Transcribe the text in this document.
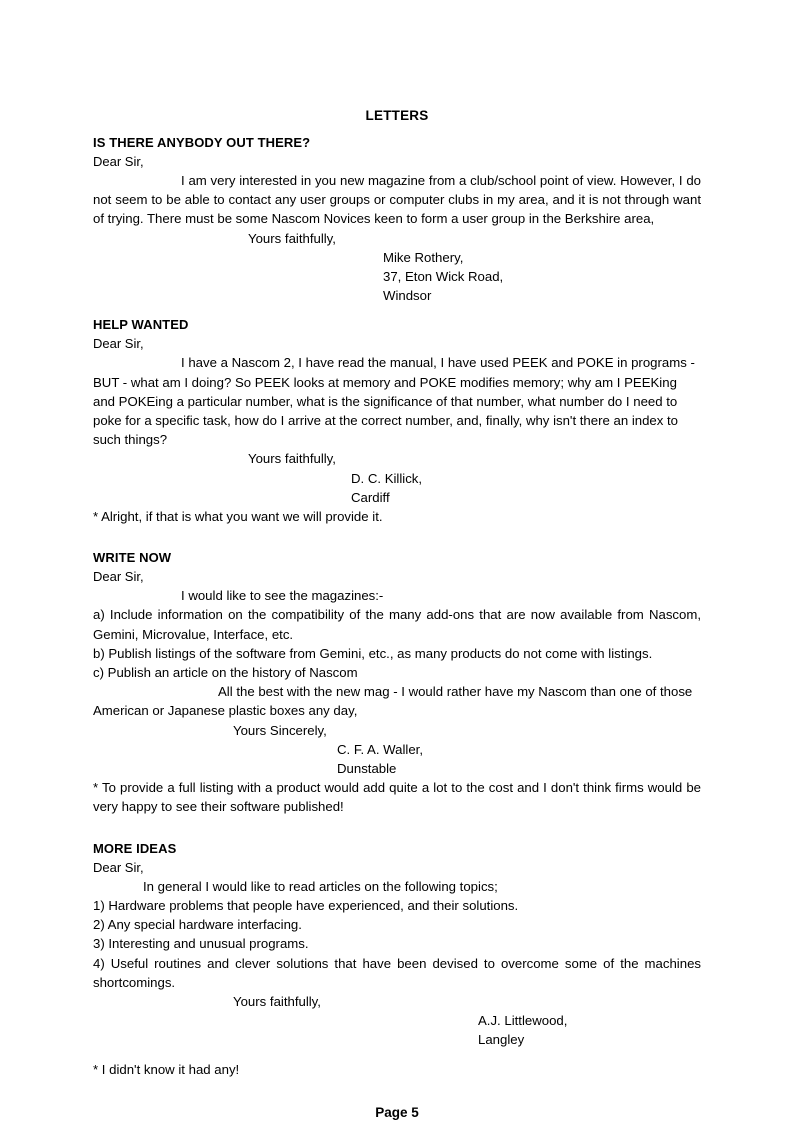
LETTERS
IS THERE ANYBODY OUT THERE?
Dear Sir,

I am very interested in you new magazine from a club/school point of view. However, I do not seem to be able to contact any user groups or computer clubs in my area, and it is not through want of trying. There must be some Nascom Novices keen to form a user group in the Berkshire area,

Yours faithfully,
Mike Rothery,
37, Eton Wick Road,
Windsor
HELP WANTED
Dear Sir,

I have a Nascom 2, I have read the manual, I have used PEEK and POKE in programs - BUT - what am I doing? So PEEK looks at memory and POKE modifies memory; why am I PEEKing and POKEing a particular number, what is the significance of that number, what number do I need to poke for a specific task, how do I arrive at the correct number, and, finally, why isn't there an index to such things?

Yours faithfully,
D. C. Killick,
Cardiff
* Alright, if that is what you want we will provide it.
WRITE NOW
Dear Sir,

I would like to see the magazines:-

a) Include information on the compatibility of the many add-ons that are now available from Nascom, Gemini, Microvalue, Interface, etc.
b) Publish listings of the software from Gemini, etc., as many products do not come with listings.
c) Publish an article on the history of Nascom

All the best with the new mag - I would rather have my Nascom than one of those American or Japanese plastic boxes any day,

Yours Sincerely,
C. F. A. Waller,
Dunstable
* To provide a full listing with a product would add quite a lot to the cost and I don't think firms would be very happy to see their software published!
MORE IDEAS
Dear Sir,

In general I would like to read articles on the following topics;

1) Hardware problems that people have experienced, and their solutions.
2) Any special hardware interfacing.
3) Interesting and unusual programs.
4) Useful routines and clever solutions that have been devised to overcome some of the machines shortcomings.
Yours faithfully,
A.J. Littlewood,
Langley
* I didn't know it had any!
Page 5
